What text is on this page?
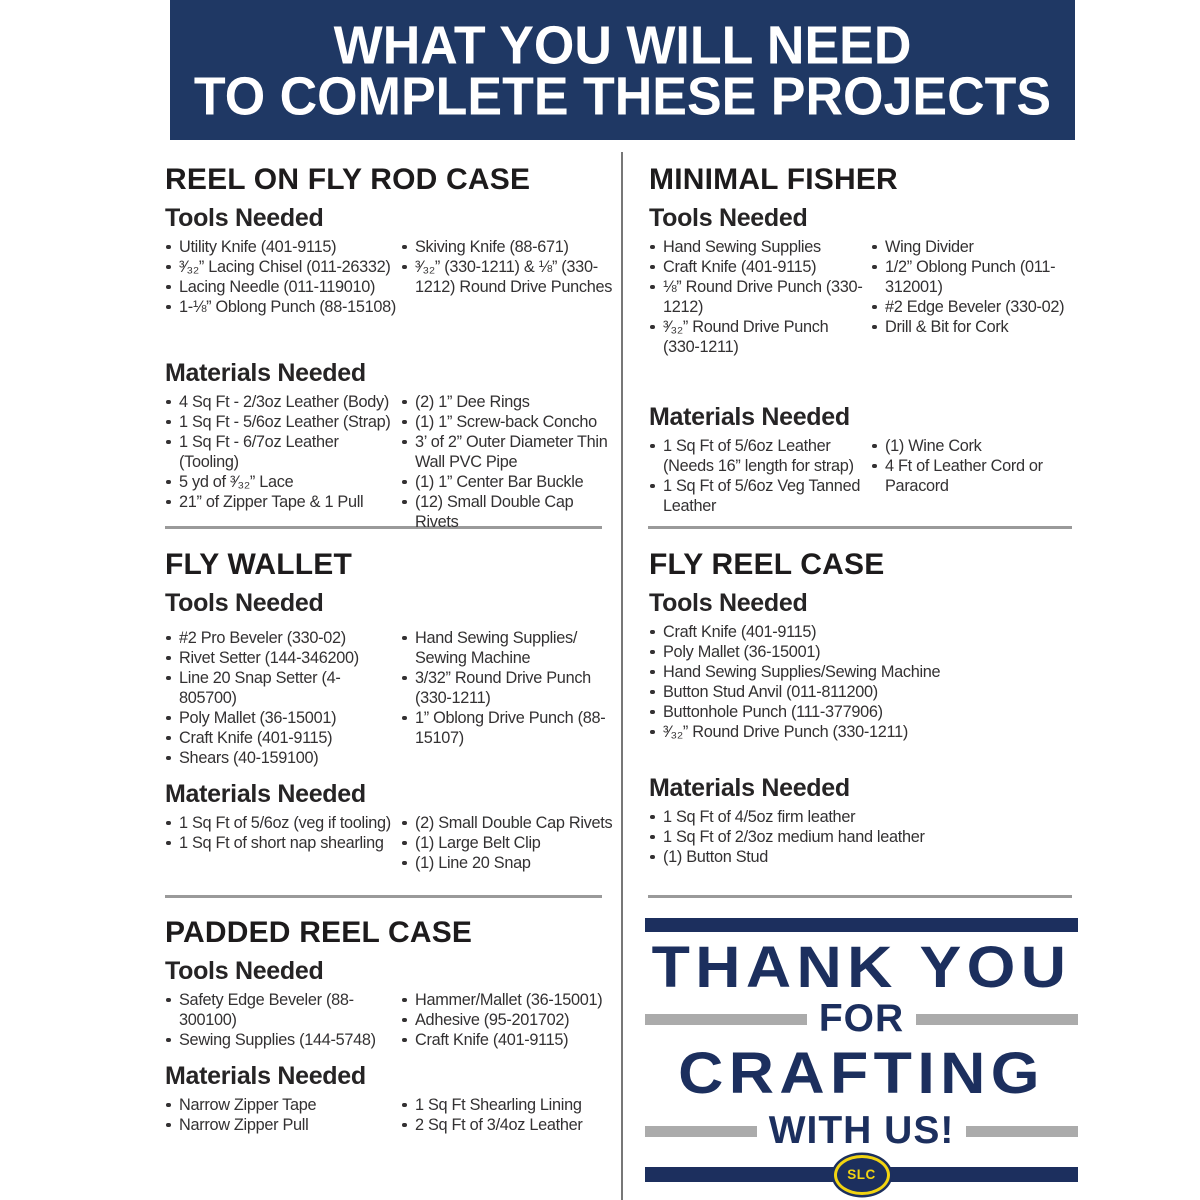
WHAT YOU WILL NEED
TO COMPLETE THESE PROJECTS
REEL ON FLY ROD CASE
Tools Needed
Utility Knife (401-9115)
³⁄₃₂” Lacing Chisel (011-26332)
Lacing Needle (011-119010)
1-⅛” Oblong Punch (88-15108)
Skiving Knife (88-671)
³⁄₃₂” (330-1211) & ⅛” (330-1212) Round Drive Punches
Materials Needed
4 Sq Ft - 2/3oz Leather (Body)
1 Sq Ft - 5/6oz Leather (Strap)
1 Sq Ft - 6/7oz Leather (Tooling)
5 yd of ³⁄₃₂” Lace
21” of Zipper Tape & 1 Pull
(2) 1” Dee Rings
(1) 1” Screw-back Concho
3’ of 2” Outer Diameter Thin Wall PVC Pipe
(1) 1” Center Bar Buckle
(12) Small Double Cap Rivets
MINIMAL FISHER
Tools Needed
Hand Sewing Supplies
Craft Knife (401-9115)
⅛” Round Drive Punch (330-1212)
³⁄₃₂” Round Drive Punch (330-1211)
Wing Divider
1/2” Oblong Punch (011-312001)
#2 Edge Beveler (330-02)
Drill & Bit for Cork
Materials Needed
1 Sq Ft of 5/6oz Leather (Needs 16” length for strap)
1 Sq Ft of 5/6oz Veg Tanned Leather
(1) Wine Cork
4 Ft of Leather Cord or Paracord
FLY WALLET
Tools Needed
#2 Pro Beveler (330-02)
Rivet Setter (144-346200)
Line 20 Snap Setter (4-805700)
Poly Mallet (36-15001)
Craft Knife (401-9115)
Shears (40-159100)
Hand Sewing Supplies/ Sewing Machine
3/32” Round Drive Punch (330-1211)
1” Oblong Drive Punch (88-15107)
Materials Needed
1 Sq Ft of 5/6oz (veg if tooling)
1 Sq Ft of short nap shearling
(2) Small Double Cap Rivets
(1) Large Belt Clip
(1) Line 20 Snap
FLY REEL CASE
Tools Needed
Craft Knife (401-9115)
Poly Mallet (36-15001)
Hand Sewing Supplies/Sewing Machine
Button Stud Anvil (011-811200)
Buttonhole Punch (111-377906)
³⁄₃₂” Round Drive Punch (330-1211)
Materials Needed
1 Sq Ft of 4/5oz firm leather
1 Sq Ft of 2/3oz medium hand leather
(1) Button Stud
PADDED REEL CASE
Tools Needed
Safety Edge Beveler (88-300100)
Sewing Supplies (144-5748)
Hammer/Mallet (36-15001)
Adhesive (95-201702)
Craft Knife (401-9115)
Materials Needed
Narrow Zipper Tape
Narrow Zipper Pull
1 Sq Ft Shearling Lining
2 Sq Ft of 3/4oz Leather
THANK YOU
FOR
CRAFTING
WITH US!
SLC
